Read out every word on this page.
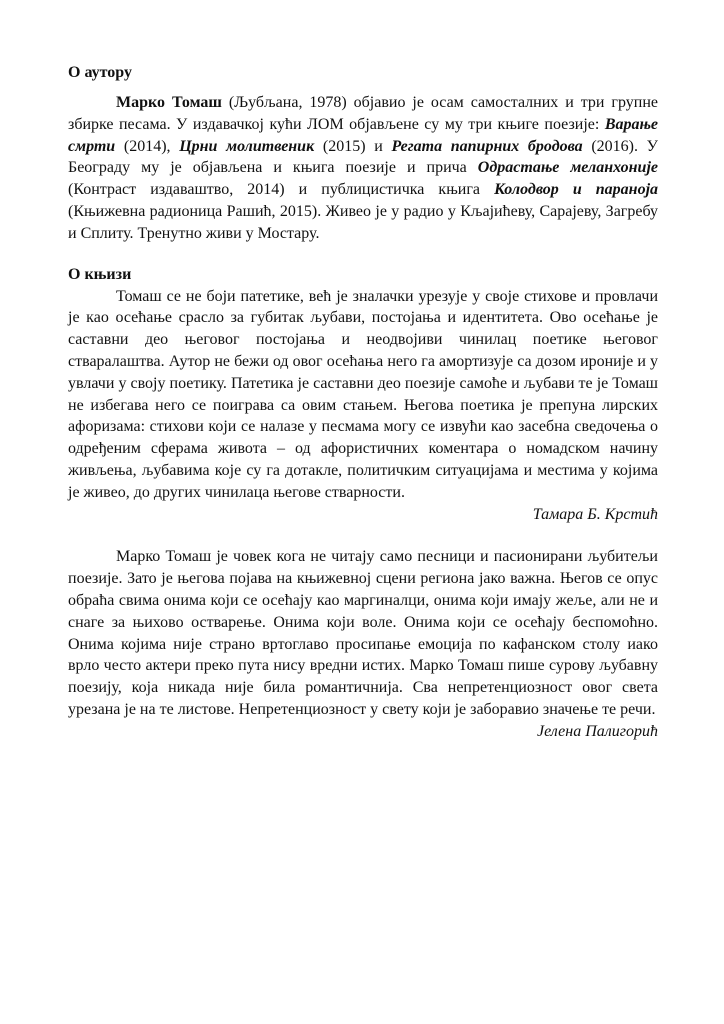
О аутору

Марко Томаш (Љубљана, 1978) објавио је осам самосталних и три групне збирке песама. У издавачкој кући ЛОМ објављене су му три књиге поезије: Варање смрти (2014), Црни молитвеник (2015) и Регата папирних бродова (2016). У Београду му је објављена и књига поезије и прича Одрастање меланхоније (Контраст издаваштво, 2014) и публицистичка књига Колодвор и параноја (Књижевна радионица Рашић, 2015). Живео је у радио у Кљајићеву, Сарајеву, Загребу и Сплиту. Тренутно живи у Мостару.

О књизи

Томаш се не боји патетике, већ је зналачки урезује у своје стихове и провлачи је као осећање срасло за губитак љубави, постојања и идентитета. Ово осећање је саставни део његовог постојања и неодвојиви чинилац поетике његовог стваралаштва. Аутор не бежи од овог осећања него га амортизује са дозом ироније и у увлачи у своју поетику. Патетика је саставни део поезије самоће и љубави те је Томаш не избегава него се поиграва са овим стањем. Његова поетика је препуна лирских афоризама: стихови који се налазе у песмама могу се извући као засебна сведочења о одређеним сферама живота – од афористичних коментара о номадском начину живљења, љубавима које су га дотакле, политичким ситуацијама и местима у којима је живео, до других чинилаца његове стварности.

Тамара Б. Крстић

Марко Томаш је човек кога не читају само песници и пасионирани љубитељи поезије. Зато је његова појава на књижевној сцени региона јако важна. Његов се опус обраћа свима онима који се осећају као маргиналци, онима који имају жеље, али не и снаге за њихово остварење. Онима који воле. Онима који се осећају беспомоћно. Онима којима није страно вртоглаво просипање емоција по кафанском столу иако врло често актери преко пута нису вредни истих. Марко Томаш пише сурову љубавну поезију, која никада није била романтичнија. Сва непретенциозност овог света урезана је на те листове. Непретенциозност у свету који је заборавио значење те речи.

Јелена Палигорић
